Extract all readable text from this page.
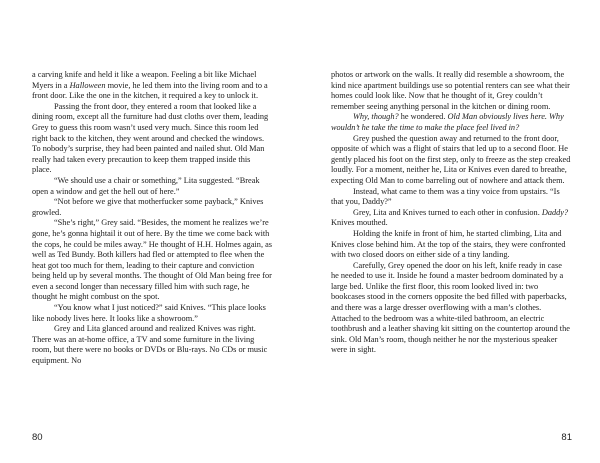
a carving knife and held it like a weapon. Feeling a bit like Michael Myers in a Halloween movie, he led them into the living room and to a front door. Like the one in the kitchen, it required a key to unlock it.

Passing the front door, they entered a room that looked like a dining room, except all the furniture had dust cloths over them, leading Grey to guess this room wasn’t used very much. Since this room led right back to the kitchen, they went around and checked the windows. To nobody’s surprise, they had been painted and nailed shut. Old Man really had taken every precaution to keep them trapped inside this place.

“We should use a chair or something,” Lita suggested. “Break open a window and get the hell out of here.”

“Not before we give that motherfucker some payback,” Knives growled.

“She’s right,” Grey said. “Besides, the moment he realizes we’re gone, he’s gonna hightail it out of here. By the time we come back with the cops, he could be miles away.” He thought of H.H. Holmes again, as well as Ted Bundy. Both killers had fled or attempted to flee when the heat got too much for them, leading to their capture and conviction being held up by several months. The thought of Old Man being free for even a second longer than necessary filled him with such rage, he thought he might combust on the spot.

“You know what I just noticed?” said Knives. “This place looks like nobody lives here. It looks like a showroom.”

Grey and Lita glanced around and realized Knives was right. There was an at-home office, a TV and some furniture in the living room, but there were no books or DVDs or Blu-rays. No CDs or music equipment. No

80

photos or artwork on the walls. It really did resemble a showroom, the kind nice apartment buildings use so potential renters can see what their homes could look like. Now that he thought of it, Grey couldn’t remember seeing anything personal in the kitchen or dining room.

Why, though? he wondered. Old Man obviously lives here. Why wouldn’t he take the time to make the place feel lived in?

Grey pushed the question away and returned to the front door, opposite of which was a flight of stairs that led up to a second floor. He gently placed his foot on the first step, only to freeze as the step creaked loudly. For a moment, neither he, Lita or Knives even dared to breathe, expecting Old Man to come barreling out of nowhere and attack them.

Instead, what came to them was a tiny voice from upstairs. “Is that you, Daddy?”

Grey, Lita and Knives turned to each other in confusion. Daddy? Knives mouthed.

Holding the knife in front of him, he started climbing, Lita and Knives close behind him. At the top of the stairs, they were confronted with two closed doors on either side of a tiny landing.

Carefully, Grey opened the door on his left, knife ready in case he needed to use it. Inside he found a master bedroom dominated by a large bed. Unlike the first floor, this room looked lived in: two bookcases stood in the corners opposite the bed filled with paperbacks, and there was a large dresser overflowing with a man’s clothes. Attached to the bedroom was a white-tiled bathroom, an electric toothbrush and a leather shaving kit sitting on the countertop around the sink. Old Man’s room, though neither he nor the mysterious speaker were in sight.

81
